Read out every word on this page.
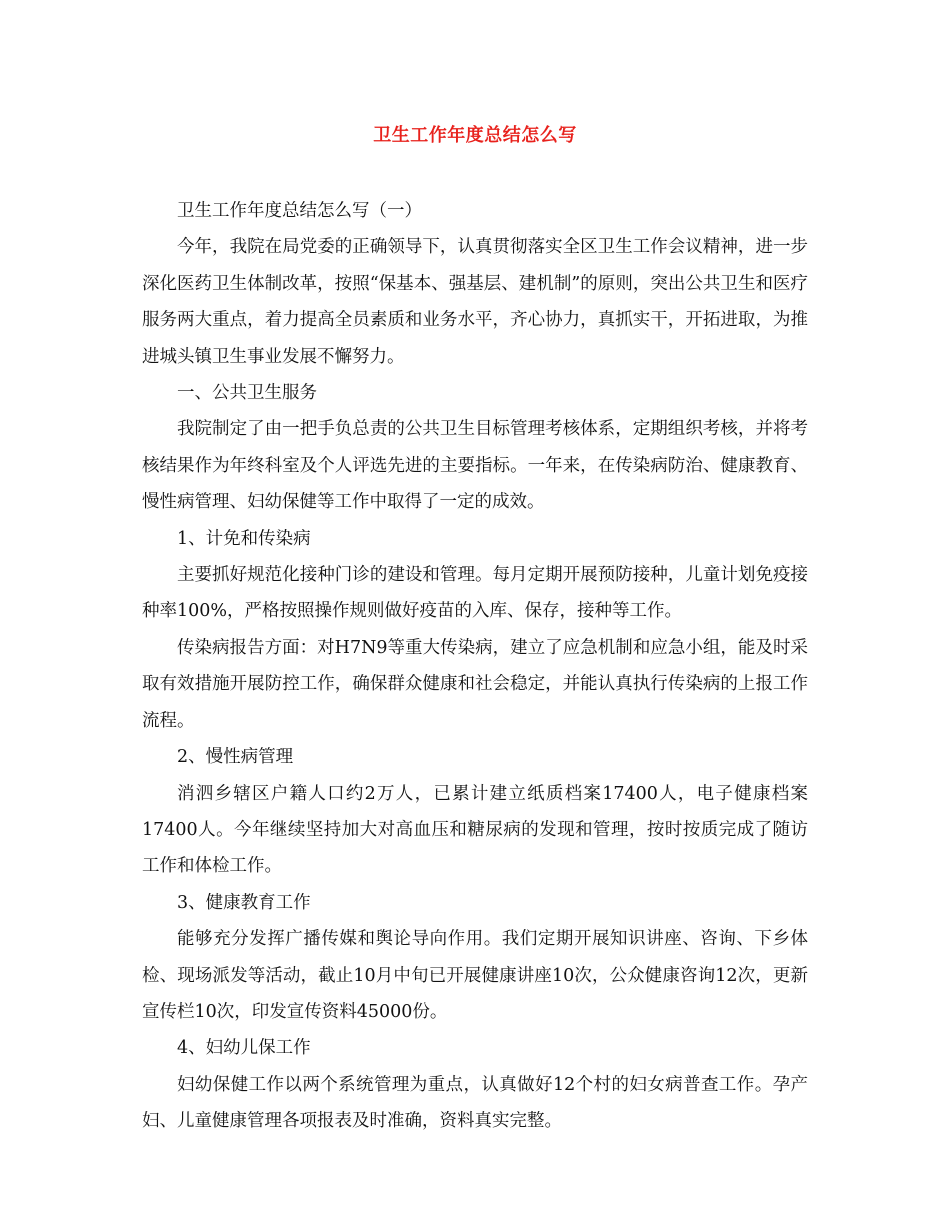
卫生工作年度总结怎么写

卫生工作年度总结怎么写（一）

今年，我院在局党委的正确领导下，认真贯彻落实全区卫生工作会议精神，进一步深化医药卫生体制改革，按照“保基本、强基层、建机制”的原则，突出公共卫生和医疗服务两大重点，着力提高全员素质和业务水平，齐心协力，真抓实干，开拓进取，为推进城头镇卫生事业发展不懈努力。

一、公共卫生服务

我院制定了由一把手负总责的公共卫生目标管理考核体系，定期组织考核，并将考核结果作为年终科室及个人评选先进的主要指标。一年来，在传染病防治、健康教育、慢性病管理、妇幼保健等工作中取得了一定的成效。

1、计免和传染病

主要抓好规范化接种门诊的建设和管理。每月定期开展预防接种，儿童计划免疫接种率100%，严格按照操作规则做好疫苗的入库、保存，接种等工作。

传染病报告方面：对H7N9等重大传染病，建立了应急机制和应急小组，能及时采取有效措施开展防控工作，确保群众健康和社会稳定，并能认真执行传染病的上报工作流程。

2、慢性病管理

消泗乡辖区户籍人口约2万人，已累计建立纸质档案17400人，电子健康档案17400人。今年继续坚持加大对高血压和糖尿病的发现和管理，按时按质完成了随访工作和体检工作。

3、健康教育工作

能够充分发挥广播传媒和舆论导向作用。我们定期开展知识讲座、咨询、下乡体检、现场派发等活动，截止10月中旬已开展健康讲座10次，公众健康咨询12次，更新宣传栏10次，印发宣传资料45000份。

4、妇幼儿保工作

妇幼保健工作以两个系统管理为重点，认真做好12个村的妇女病普查工作。孕产妇、儿童健康管理各项报表及时准确，资料真实完整。
